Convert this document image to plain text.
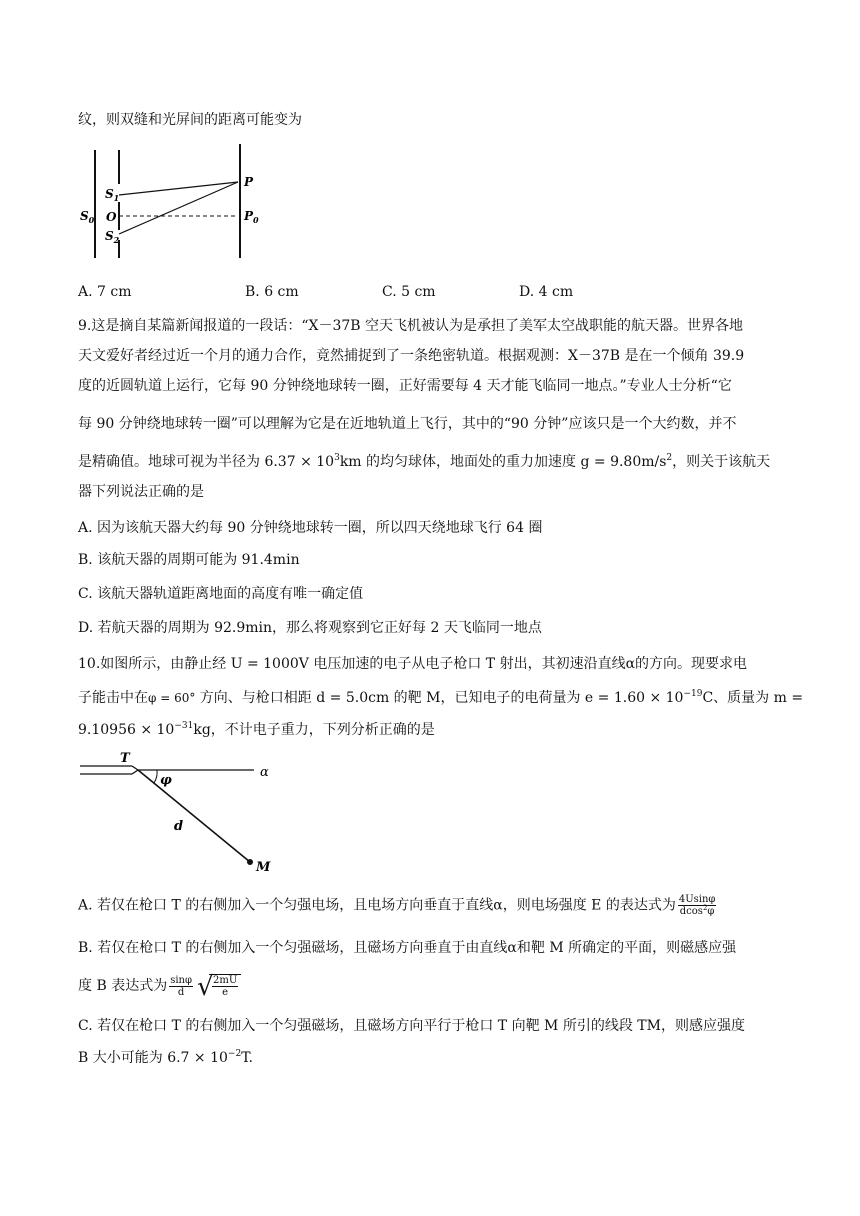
纹，则双缝和光屏间的距离可能变为
$S_0$
$S_1$
O
$S_2$
P
$P_0$
A. 7 cm	B. 6 cm	C. 5 cm	D. 4 cm
9.这是摘自某篇新闻报道的一段话：“X－37B 空天飞机被认为是承担了美军太空战职能的航天器。世界各地
天文爱好者经过近一个月的通力合作，竟然捕捉到了一条绝密轨道。根据观测：X－37B 是在一个倾角 39.9
度的近圆轨道上运行，它每 90 分钟绕地球转一圈，正好需要每 4 天才能飞临同一地点。”专业人士分析“它
每 90 分钟绕地球转一圈”可以理解为它是在近地轨道上飞行，其中的“90 分钟”应该只是一个大约数，并不
是精确值。地球可视为半径为 $6.37 \times 10^3km$ 的均匀球体，地面处的重力加速度 $g = 9.80m/s^2$，则关于该航天
器下列说法正确的是
A. 因为该航天器大约每 90 分钟绕地球转一圈，所以四天绕地球飞行 64 圈
B. 该航天器的周期可能为 91.4min
C. 该航天器轨道距离地面的高度有唯一确定值
D. 若航天器的周期为 92.9min，那么将观察到它正好每 2 天飞临同一地点
10.如图所示，由静止经 U = 1000V 电压加速的电子从电子枪口 T 射出，其初速沿直线α的方向。现要求电
子能击中在φ = 60° 方向、与枪口相距 d = 5.0cm 的靶 M，已知电子的电荷量为 $e = 1.60 \times 10^{-19}C$、质量为 m =
$9.10956 \times 10^{-31}kg$，不计电子重力，下列分析正确的是
T
α
φ
d
M
A. 若仅在枪口 T 的右侧加入一个匀强电场，且电场方向垂直于直线α，则电场强度 E 的表达式为 $\frac{4Usin\varphi}{dcos^2\varphi}$
B. 若仅在枪口 T 的右侧加入一个匀强磁场，且磁场方向垂直于由直线α和靶 M 所确定的平面，则磁感应强
度 B 表达式为 $\frac{\sin\varphi}{d}$ √
$\frac{2mU}{e}$
C. 若仅在枪口 T 的右侧加入一个匀强磁场，且磁场方向平行于枪口 T 向靶 M 所引的线段 TM，则感应强度
B 大小可能为 $6.7 \times 10^{-2}T$.
